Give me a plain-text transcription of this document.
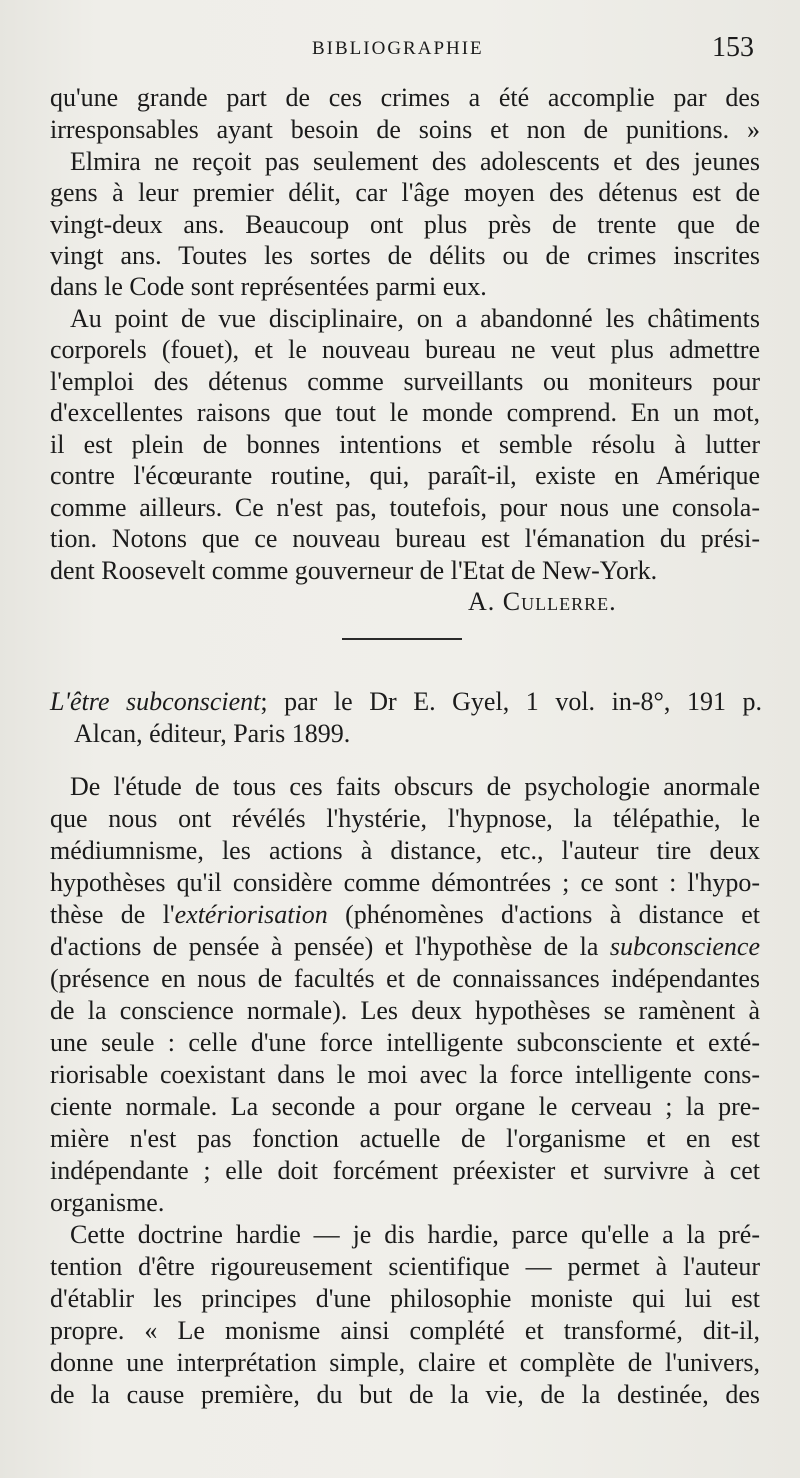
BIBLIOGRAPHIE	153
qu'une grande part de ces crimes a été accomplie par des
irresponsables ayant besoin de soins et non de punitions. »
Elmira ne reçoit pas seulement des adolescents et des jeunes
gens à leur premier délit, car l'âge moyen des détenus est de
vingt-deux ans. Beaucoup ont plus près de trente que de
vingt ans. Toutes les sortes de délits ou de crimes inscrites
dans le Code sont représentées parmi eux.
Au point de vue disciplinaire, on a abandonné les châtiments
corporels (fouet), et le nouveau bureau ne veut plus admettre
l'emploi des détenus comme surveillants ou moniteurs pour
d'excellentes raisons que tout le monde comprend. En un mot,
il est plein de bonnes intentions et semble résolu à lutter
contre l'écœurante routine, qui, paraît-il, existe en Amérique
comme ailleurs. Ce n'est pas, toutefois, pour nous une consola-
tion. Notons que ce nouveau bureau est l'émanation du prési-
dent Roosevelt comme gouverneur de l'Etat de New-York.
A. Cullerre.
L'être subconscient; par le Dr E. Gyel, 1 vol. in-8°, 191 p.
Alcan, éditeur, Paris 1899.
De l'étude de tous ces faits obscurs de psychologie anormale
que nous ont révélés l'hystérie, l'hypnose, la télépathie, le
médiumnisme, les actions à distance, etc., l'auteur tire deux
hypothèses qu'il considère comme démontrées ; ce sont : l'hypo-
thèse de l'extériorisation (phénomènes d'actions à distance et
d'actions de pensée à pensée) et l'hypothèse de la subconscience
(présence en nous de facultés et de connaissances indépendantes
de la conscience normale). Les deux hypothèses se ramènent à
une seule : celle d'une force intelligente subconsciente et exté-
riorisable coexistant dans le moi avec la force intelligente cons-
ciente normale. La seconde a pour organe le cerveau ; la pre-
mière n'est pas fonction actuelle de l'organisme et en est
indépendante ; elle doit forcément préexister et survivre à cet
organisme.
Cette doctrine hardie — je dis hardie, parce qu'elle a la pré-
tention d'être rigoureusement scientifique — permet à l'auteur
d'établir les principes d'une philosophie moniste qui lui est
propre. « Le monisme ainsi complété et transformé, dit-il,
donne une interprétation simple, claire et complète de l'univers,
de la cause première, du but de la vie, de la destinée, des
